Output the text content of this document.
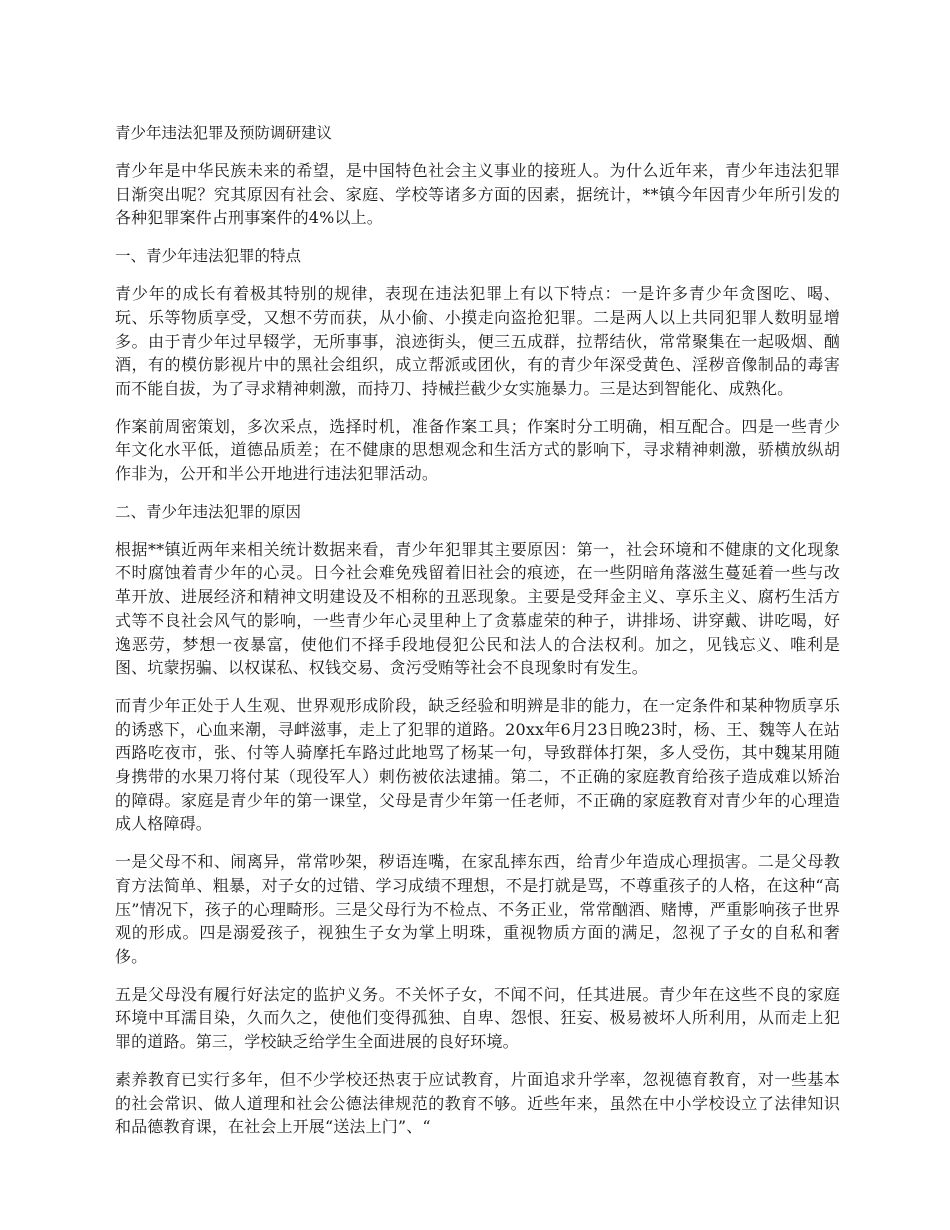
青少年违法犯罪及预防调研建议

青少年是中华民族未来的希望，是中国特色社会主义事业的接班人。为什么近年来，青少年违法犯罪日渐突出呢？究其原因有社会、家庭、学校等诸多方面的因素，据统计，**镇今年因青少年所引发的各种犯罪案件占刑事案件的4%以上。

一、青少年违法犯罪的特点

青少年的成长有着极其特别的规律，表现在违法犯罪上有以下特点：一是许多青少年贪图吃、喝、玩、乐等物质享受，又想不劳而获，从小偷、小摸走向盗抢犯罪。二是两人以上共同犯罪人数明显增多。由于青少年过早辍学，无所事事，浪迹街头，便三五成群，拉帮结伙，常常聚集在一起吸烟、酗酒，有的模仿影视片中的黑社会组织，成立帮派或团伙，有的青少年深受黄色、淫秽音像制品的毒害而不能自拔，为了寻求精神刺激，而持刀、持械拦截少女实施暴力。三是达到智能化、成熟化。

作案前周密策划，多次采点，选择时机，准备作案工具；作案时分工明确，相互配合。四是一些青少年文化水平低，道德品质差；在不健康的思想观念和生活方式的影响下，寻求精神刺激，骄横放纵胡作非为，公开和半公开地进行违法犯罪活动。

二、青少年违法犯罪的原因

根据**镇近两年来相关统计数据来看，青少年犯罪其主要原因：第一，社会环境和不健康的文化现象不时腐蚀着青少年的心灵。日今社会难免残留着旧社会的痕迹，在一些阴暗角落滋生蔓延着一些与改革开放、进展经济和精神文明建设及不相称的丑恶现象。主要是受拜金主义、享乐主义、腐朽生活方式等不良社会风气的影响，一些青少年心灵里种上了贪慕虚荣的种子，讲排场、讲穿戴、讲吃喝，好逸恶劳，梦想一夜暴富，使他们不择手段地侵犯公民和法人的合法权利。加之，见钱忘义、唯利是图、坑蒙拐骗、以权谋私、权钱交易、贪污受贿等社会不良现象时有发生。

而青少年正处于人生观、世界观形成阶段，缺乏经验和明辨是非的能力，在一定条件和某种物质享乐的诱惑下，心血来潮，寻衅滋事，走上了犯罪的道路。20xx年6月23日晚23时，杨、王、魏等人在站西路吃夜市，张、付等人骑摩托车路过此地骂了杨某一句，导致群体打架，多人受伤，其中魏某用随身携带的水果刀将付某（现役军人）刺伤被依法逮捕。第二，不正确的家庭教育给孩子造成难以矫治的障碍。家庭是青少年的第一课堂，父母是青少年第一任老师，不正确的家庭教育对青少年的心理造成人格障碍。

一是父母不和、闹离异，常常吵架，秽语连嘴，在家乱摔东西，给青少年造成心理损害。二是父母教育方法简单、粗暴，对子女的过错、学习成绩不理想，不是打就是骂，不尊重孩子的人格，在这种“高压”情况下，孩子的心理畸形。三是父母行为不检点、不务正业，常常酗酒、赌博，严重影响孩子世界观的形成。四是溺爱孩子，视独生子女为掌上明珠，重视物质方面的满足，忽视了子女的自私和奢侈。

五是父母没有履行好法定的监护义务。不关怀子女，不闻不问，任其进展。青少年在这些不良的家庭环境中耳濡目染，久而久之，使他们变得孤独、自卑、怨恨、狂妄、极易被坏人所利用，从而走上犯罪的道路。第三，学校缺乏给学生全面进展的良好环境。

素养教育已实行多年，但不少学校还热衷于应试教育，片面追求升学率，忽视德育教育，对一些基本的社会常识、做人道理和社会公德法律规范的教育不够。近些年来，虽然在中小学校设立了法律知识和品德教育课，在社会上开展“送法上门”、“
